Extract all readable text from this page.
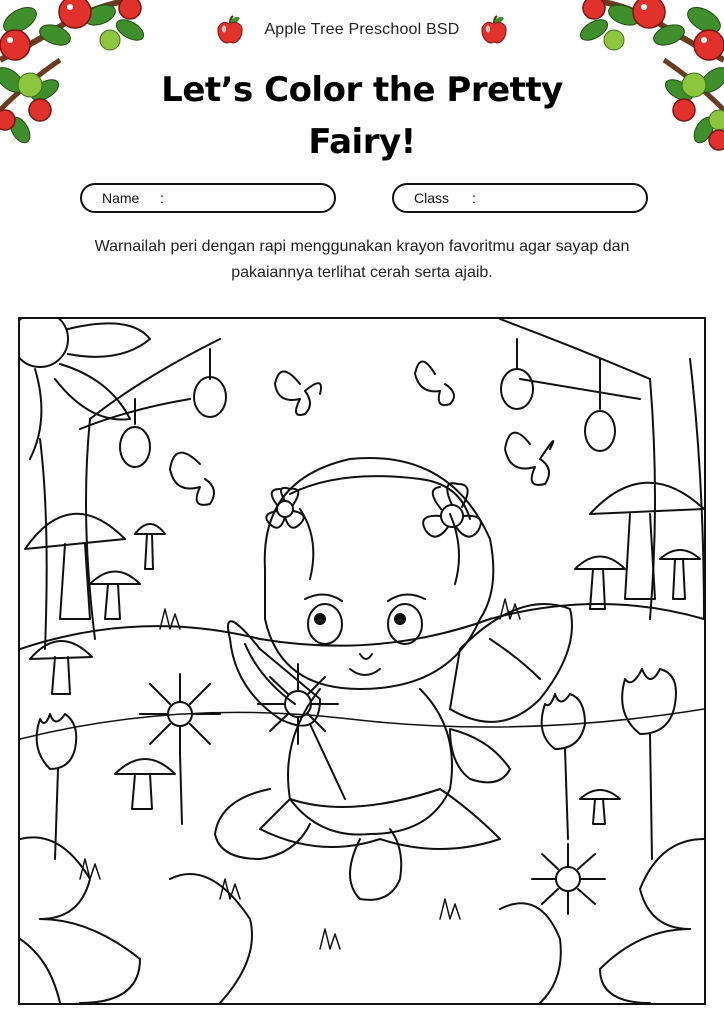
Apple Tree Preschool BSD
Let’s Color the Pretty Fairy!
Name	:	Class	:

Warnailah peri dengan rapi menggunakan krayon favoritmu agar sayap dan pakaiannya terlihat cerah serta ajaib.
